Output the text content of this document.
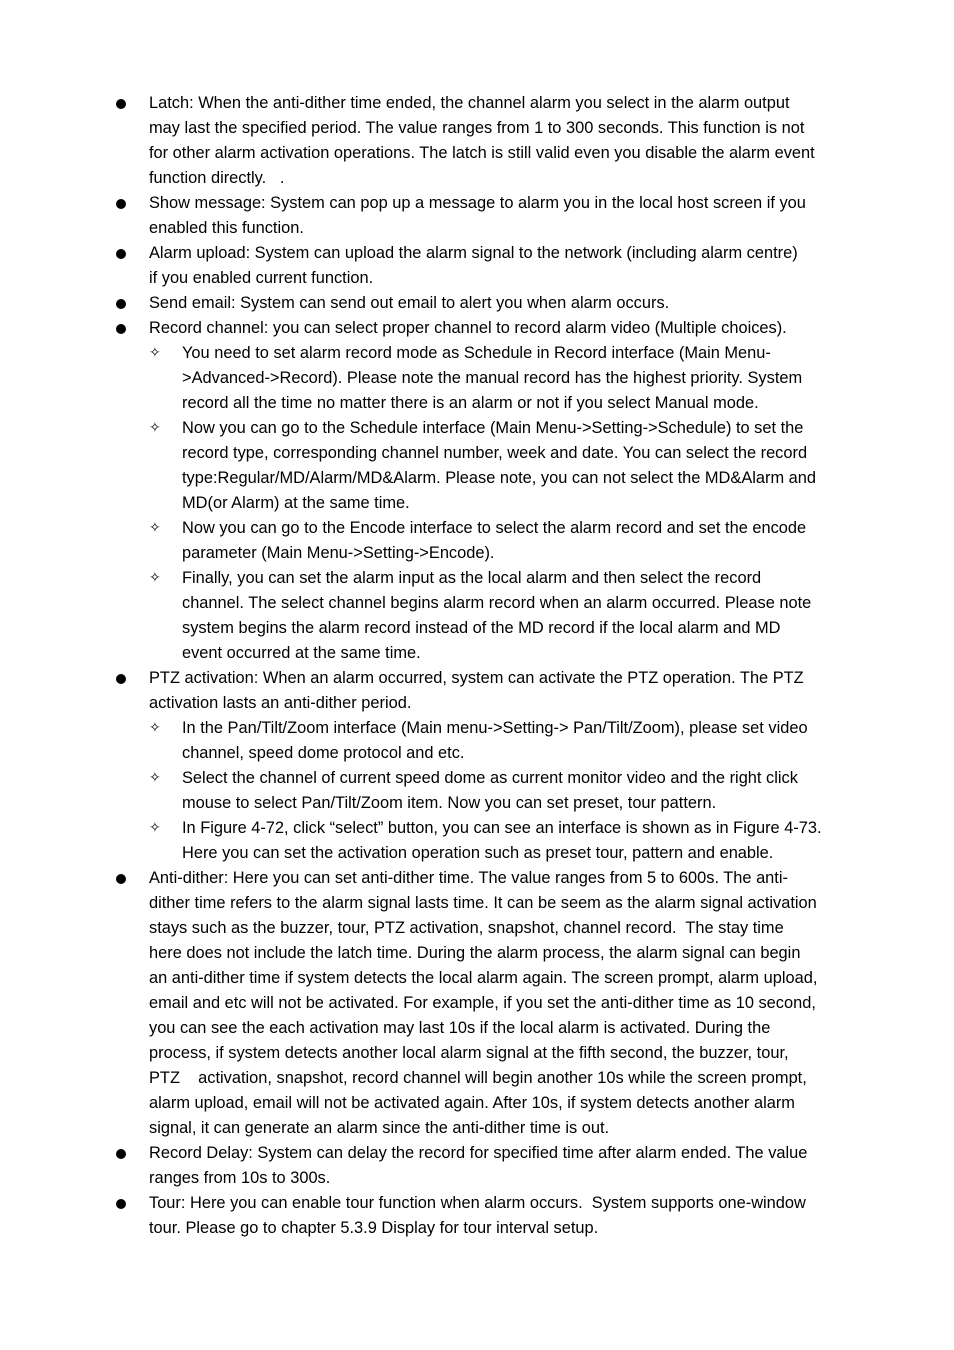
Latch: When the anti-dither time ended, the channel alarm you select in the alarm output
may last the specified period. The value ranges from 1 to 300 seconds. This function is not
for other alarm activation operations. The latch is still valid even you disable the alarm event
function directly.   .
Show message: System can pop up a message to alarm you in the local host screen if you
enabled this function.
Alarm upload: System can upload the alarm signal to the network (including alarm centre)
if you enabled current function.
Send email: System can send out email to alert you when alarm occurs.
Record channel: you can select proper channel to record alarm video (Multiple choices).
✧ You need to set alarm record mode as Schedule in Record interface (Main Menu-
>Advanced->Record). Please note the manual record has the highest priority. System
record all the time no matter there is an alarm or not if you select Manual mode.
✧ Now you can go to the Schedule interface (Main Menu->Setting->Schedule) to set the
record type, corresponding channel number, week and date. You can select the record
type:Regular/MD/Alarm/MD&Alarm. Please note, you can not select the MD&Alarm and
MD(or Alarm) at the same time.
✧ Now you can go to the Encode interface to select the alarm record and set the encode
parameter (Main Menu->Setting->Encode).
✧ Finally, you can set the alarm input as the local alarm and then select the record
channel. The select channel begins alarm record when an alarm occurred. Please note
system begins the alarm record instead of the MD record if the local alarm and MD
event occurred at the same time.
PTZ activation: When an alarm occurred, system can activate the PTZ operation. The PTZ
activation lasts an anti-dither period.
✧ In the Pan/Tilt/Zoom interface (Main menu->Setting-> Pan/Tilt/Zoom), please set video
channel, speed dome protocol and etc.
✧ Select the channel of current speed dome as current monitor video and the right click
mouse to select Pan/Tilt/Zoom item. Now you can set preset, tour pattern.
✧ In Figure 4-72, click “select” button, you can see an interface is shown as in Figure 4-73.
Here you can set the activation operation such as preset tour, pattern and enable.
Anti-dither: Here you can set anti-dither time. The value ranges from 5 to 600s. The anti-
dither time refers to the alarm signal lasts time. It can be seem as the alarm signal activation
stays such as the buzzer, tour, PTZ activation, snapshot, channel record.  The stay time
here does not include the latch time. During the alarm process, the alarm signal can begin
an anti-dither time if system detects the local alarm again. The screen prompt, alarm upload,
email and etc will not be activated. For example, if you set the anti-dither time as 10 second,
you can see the each activation may last 10s if the local alarm is activated. During the
process, if system detects another local alarm signal at the fifth second, the buzzer, tour,
PTZ    activation, snapshot, record channel will begin another 10s while the screen prompt,
alarm upload, email will not be activated again. After 10s, if system detects another alarm
signal, it can generate an alarm since the anti-dither time is out.
Record Delay: System can delay the record for specified time after alarm ended. The value
ranges from 10s to 300s.
Tour: Here you can enable tour function when alarm occurs.  System supports one-window
tour. Please go to chapter 5.3.9 Display for tour interval setup.
